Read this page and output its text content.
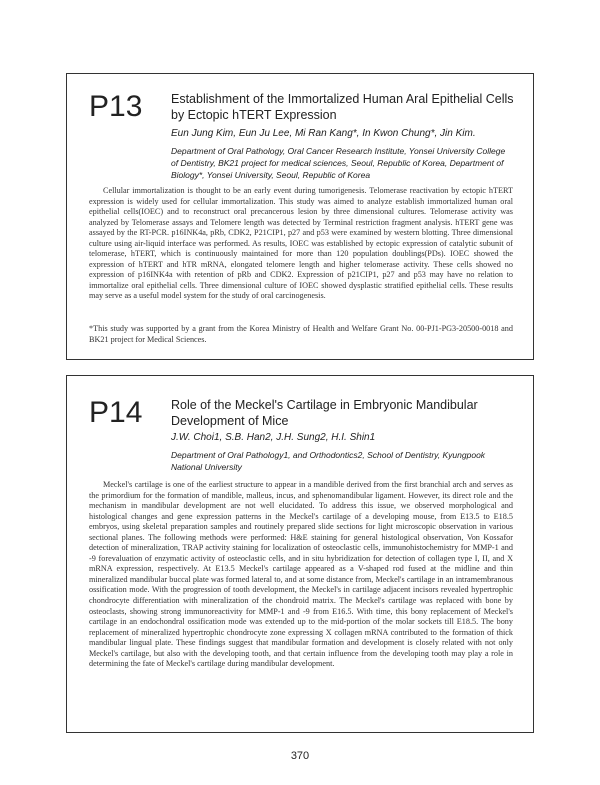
P13 Establishment of the Immortalized Human Aral Epithelial Cells by Ectopic hTERT Expression
Eun Jung Kim, Eun Ju Lee, Mi Ran Kang*, In Kwon Chung*, Jin Kim.
Department of Oral Pathology, Oral Cancer Research Institute, Yonsei University College of Dentistry, BK21 project for medical sciences, Seoul, Republic of Korea, Department of Biology*, Yonsei University, Seoul, Republic of Korea

Cellular immortalization is thought to be an early event during tumorigenesis. Telomerase reactivation by ectopic hTERT expression is widely used for cellular immortalization. This study was aimed to analyze establish immortalized human oral epithelial cells(IOEC) and to reconstruct oral precancerous lesion by three dimensional cultures. Telomerase activity was analyzed by Telomerase assays and Telomere length was detected by Terminal restriction fragment analysis. hTERT gene was assayed by the RT-PCR. p16INK4a, pRb, CDK2, P21CIP1, p27 and p53 were examined by western blotting. Three dimensional culture using air-liquid interface was performed. As results, IOEC was established by ectopic expression of catalytic subunit of telomerase, hTERT, which is continuously maintained for more than 120 population doublings(PDs). IOEC showed the expression of hTERT and hTR mRNA, elongated telomere length and higher telomerase activity. These cells showed no expression of p16INK4a with retention of pRb and CDK2. Expression of p21CIP1, p27 and p53 may have no relation to immortalize oral epithelial cells. Three dimensional culture of IOEC showed dysplastic stratified epithelial cells. These results may serve as a useful model system for the study of oral carcinogenesis.

*This study was supported by a grant from the Korea Ministry of Health and Welfare Grant No. 00-PJ1-PG3-20500-0018 and BK21 project for Medical Sciences.

P14 Role of the Meckel's Cartilage in Embryonic Mandibular Development of Mice
J.W. Choi1, S.B. Han2, J.H. Sung2, H.I. Shin1
Department of Oral Pathology1, and Orthodontics2, School of Dentistry, Kyungpook National University

Meckel's cartilage is one of the earliest structure to appear in a mandible derived from the first branchial arch and serves as the primordium for the formation of mandible, malleus, incus, and sphenomandibular ligament. However, its direct role and the mechanism in mandibular development are not well elucidated. To address this issue, we observed morphological and histological changes and gene expression patterns in the Meckel's cartilage of a developing mouse, from E13.5 to E18.5 embryos, using skeletal preparation samples and routinely prepared slide sections for light microscopic observation in various sectional planes. The following methods were performed: H&E staining for general histological observation, Von Kossafor detection of mineralization, TRAP activity staining for localization of osteoclastic cells, immunohistochemistry for MMP-1 and -9 forevaluation of enzymatic activity of osteoclastic cells, and in situ hybridization for detection of collagen type I, II, and X mRNA expression, respectively. At E13.5 Meckel's cartilage appeared as a V-shaped rod fused at the midline and thin mineralized mandibular buccal plate was formed lateral to, and at some distance from, Meckel's cartilage in an intramembranous ossification mode. With the progression of tooth development, the Meckel's in cartilage adjacent incisors revealed hypertrophic chondrocyte differentiation with mineralization of the chondroid matrix. The Meckel's cartilage was replaced with bone by osteoclasts, showing strong immunoreactivity for MMP-1 and -9 from E16.5. With time, this bony replacement of Meckel's cartilage in an endochondral ossification mode was extended up to the mid-portion of the molar sockets till E18.5. The bony replacement of mineralized hypertrophic chondrocyte zone expressing X collagen mRNA contributed to the formation of thick mandibular lingual plate. These findings suggest that mandibular formation and development is closely related with not only Meckel's cartilage, but also with the developing tooth, and that certain influence from the developing tooth may play a role in determining the fate of Meckel's cartilage during mandibular development.

370
